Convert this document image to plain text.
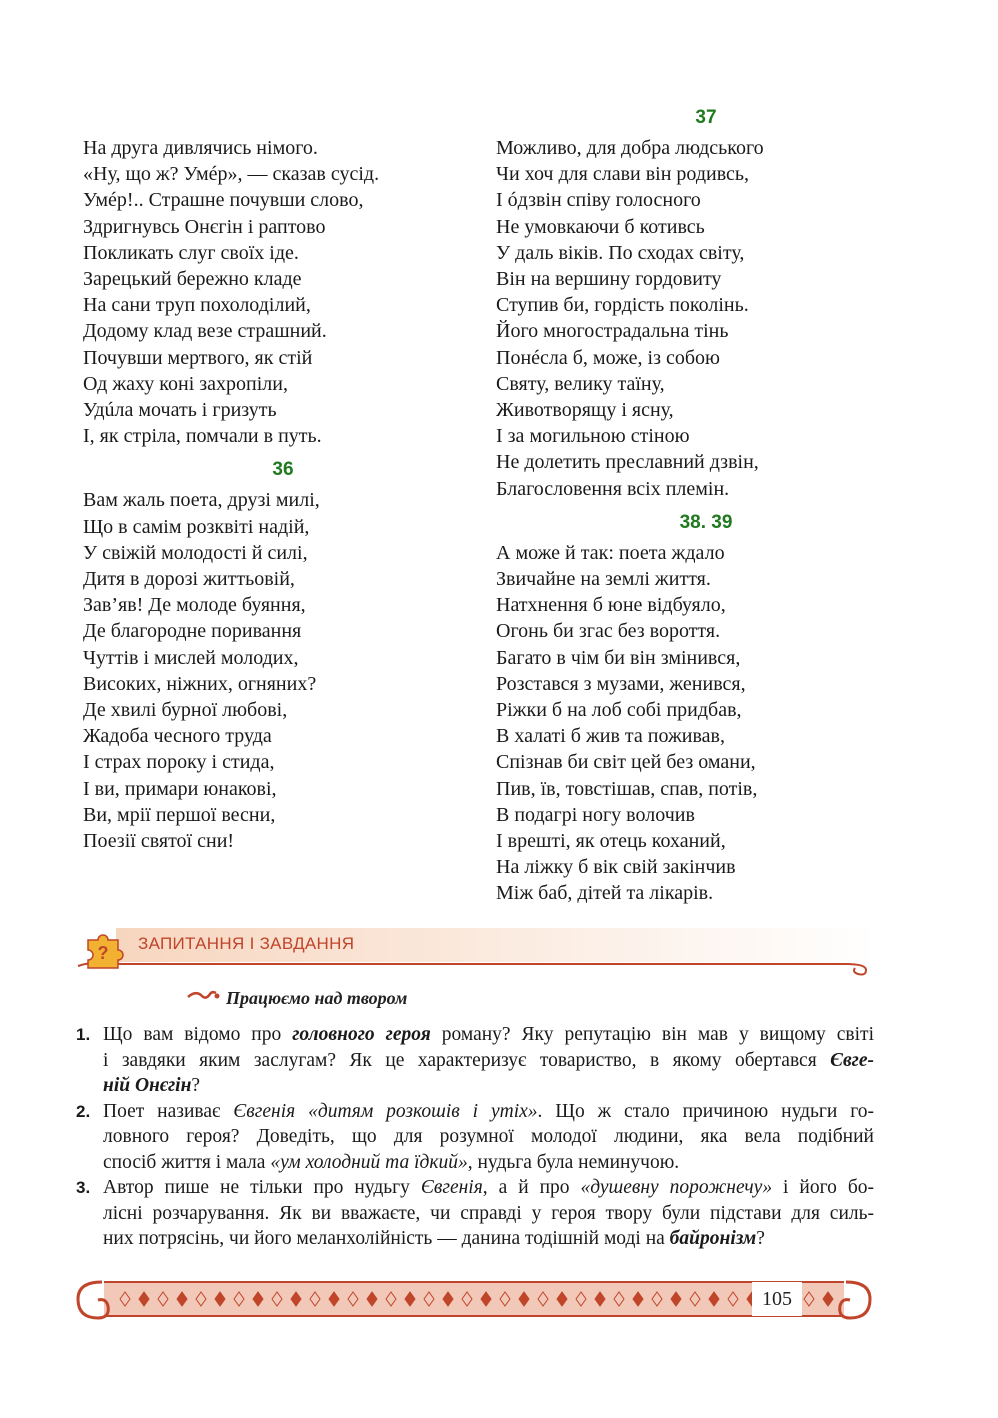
На друга дивлячись німого.
«Ну, що ж? Умéр», — сказав сусід.
Умéр!.. Страшне почувши слово,
Здригнувсь Онєгін і раптово
Покликать слуг своїх іде.
Зарецький бережно кладе
На сани труп похолоділий,
Додому клад везе страшний.
Почувши мертвого, як стій
Од жаху коні захропіли,
Удúла мочать і гризуть
І, як стріла, помчали в путь.
36
Вам жаль поета, друзі милі,
Що в самім розквіті надій,
У свіжій молодості й силі,
Дитя в дорозі життьовій,
Зав’яв! Де молоде буяння,
Де благородне поривання
Чуттів і мислей молодих,
Високих, ніжних, огняних?
Де хвилі бурної любові,
Жадоба чесного труда
І страх пороку і стида,
І ви, примари юнакові,
Ви, мрії першої весни,
Поезії святої сни!
37
Можливо, для добра людського
Чи хоч для слави він родивсь,
І óдзвін співу голосного
Не умовкаючи б котивсь
У даль віків. По сходах світу,
Він на вершину гордовиту
Ступив би, гордість поколінь.
Його многострадальна тінь
Понéсла б, може, із собою
Святу, велику таїну,
Животворящу і ясну,
І за могильною стіною
Не долетить преславний дзвін,
Благословення всіх племін.
38. 39
А може й так: поета ждало
Звичайне на землі життя.
Натхнення б юне відбуяло,
Огонь би згас без вороття.
Багато в чім би він змінився,
Розстався з музами, женився,
Ріжки б на лоб собі придбав,
В халаті б жив та поживав,
Спізнав би світ цей без омани,
Пив, їв, товстішав, спав, потів,
В подагрі ногу волочив
І врешті, як отець коханий,
На ліжку б вік свій закінчив
Між баб, дітей та лікарів.
? ЗАПИТАННЯ І ЗАВДАННЯ
Працюємо над твором
1. Що вам відомо про головного героя роману? Яку репутацію він мав у вищому світі
і завдяки яким заслугам? Як це характеризує товариство, в якому обертався Євге-
ній Онєгін?
2. Поет називає Євгенія «дитям розкошів і утіх». Що ж стало причиною нудьги го-
ловного героя? Доведіть, що для розумної молодої людини, яка вела подібний
спосіб життя і мала «ум холодний та їдкий», нудьга була неминучою.
3. Автор пише не тільки про нудьгу Євгенія, а й про «душевну порожнечу» і його бо-
лісні розчарування. Як ви вважаєте, чи справді у героя твору були підстави для силь-
них потрясінь, чи його меланхолійність — данина тодішній моді на байронізм?
105
